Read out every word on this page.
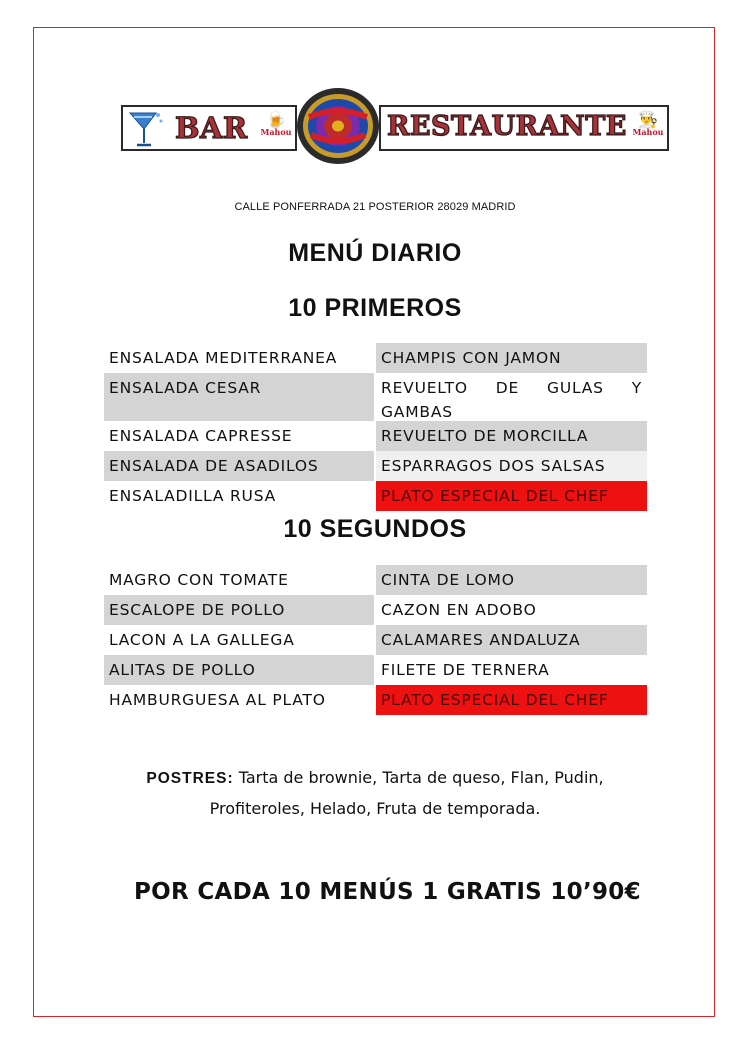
BAR	🍺
Mahou	RESTAURANTE 👨‍🍳
Mahou
CALLE PONFERRADA 21 POSTERIOR 28029 MADRID
MENÚ DIARIO
10 PRIMEROS
ENSALADA MEDITERRANEA	CHAMPIS CON JAMON
ENSALADA CESAR	REVUELTO DE GULAS Y GAMBAS
ENSALADA CAPRESSE	REVUELTO DE MORCILLA
ENSALADA DE ASADILOS	ESPARRAGOS DOS SALSAS
ENSALADILLA RUSA	PLATO ESPECIAL DEL CHEF
10 SEGUNDOS
MAGRO CON TOMATE	CINTA DE LOMO
ESCALOPE DE POLLO	CAZON EN ADOBO
LACON A LA GALLEGA	CALAMARES ANDALUZA
ALITAS DE POLLO	FILETE DE TERNERA
HAMBURGUESA AL PLATO	PLATO ESPECIAL DEL CHEF
POSTRES: Tarta de brownie, Tarta de queso, Flan, Pudin,
Profiteroles, Helado, Fruta de temporada.
POR CADA 10 MENÚS 1 GRATIS 10’90€
